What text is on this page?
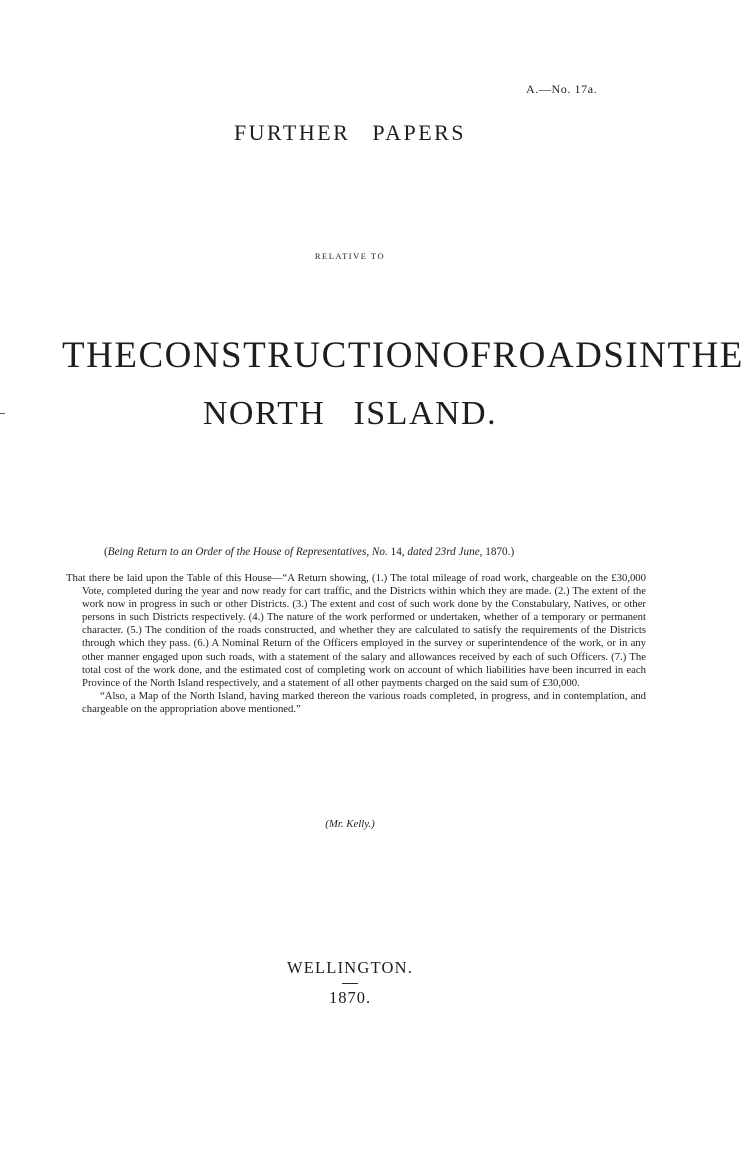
A.—No. 17a.
FURTHER PAPERS
RELATIVE TO
THE CONSTRUCTION OF ROADS IN THE
NORTH ISLAND.
(Being Return to an Order of the House of Representatives, No. 14, dated 23rd June, 1870.)

That there be laid upon the Table of this House—“A Return showing, (1.) The total mileage of road work, chargeable on the £30,000 Vote, completed during the year and now ready for cart traffic, and the Districts within which they are made. (2.) The extent of the work now in progress in such or other Districts. (3.) The extent and cost of such work done by the Constabulary, Natives, or other persons in such Districts respectively. (4.) The nature of the work performed or undertaken, whether of a temporary or permanent character. (5.) The condition of the roads constructed, and whether they are calculated to satisfy the requirements of the Districts through which they pass. (6.) A Nominal Return of the Officers employed in the survey or superintendence of the work, or in any other manner engaged upon such roads, with a statement of the salary and allowances received by each of such Officers. (7.) The total cost of the work done, and the estimated cost of completing work on account of which liabilities have been incurred in each Province of the North Island respectively, and a statement of all other payments charged on the said sum of £30,000.

“Also, a Map of the North Island, having marked thereon the various roads completed, in progress, and in contemplation, and chargeable on the appropriation above mentioned.”

(Mr. Kelly.)
WELLINGTON.
1870.
